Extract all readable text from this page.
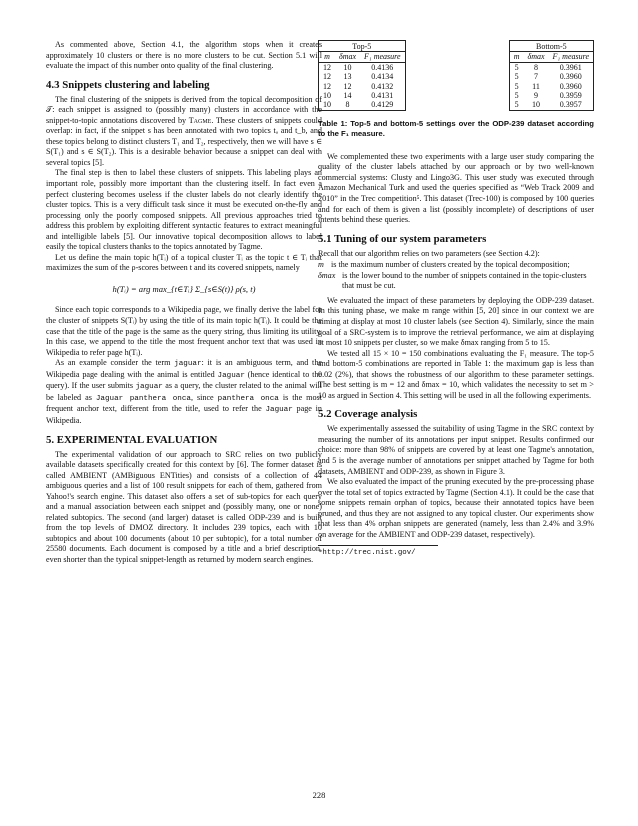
As commented above, Section 4.1, the algorithm stops when it creates approximately 10 clusters or there is no more clusters to be cut. Section 5.1 will evaluate the impact of this number onto quality of the final clustering.

4.3 Snippets clustering and labeling

The final clustering of the snippets is derived from the topical decomposition of 𝒯: each snippet is assigned to (possibly many) clusters in accordance with the snippet-to-topic annotations discovered by Tagme. These clusters of snippets could overlap: in fact, if the snippet s has been annotated with two topics tₐ and t_b, and these topics belong to distinct clusters T₁ and T₂, respectively, then we will have s ∈ S(T₁) and s ∈ S(T₂). This is a desirable behavior because a snippet can deal with several topics [5].

The final step is then to label these clusters of snippets. This labeling plays an important role, possibly more important than the clustering itself. In fact even a perfect clustering becomes useless if the cluster labels do not clearly identify the cluster topics. This is a very difficult task since it must be executed on-the-fly and processing only the poorly composed snippets. All previous approaches tried to address this problem by exploiting different syntactic features to extract meaningful and intelligible labels [5]. Our innovative topical decomposition allows to label easily the topical clusters thanks to the topics annotated by Tagme.

Let us define the main topic h(Tᵢ) of a topical cluster Tᵢ as the topic t ∈ Tᵢ that maximizes the sum of the ρ-scores between t and its covered snippets, namely

h(Tᵢ) = arg max_{t∈Tᵢ} Σ_{s∈S(t)} ρ(s, t)

Since each topic corresponds to a Wikipedia page, we finally derive the label for the cluster of snippets S(Tᵢ) by using the title of its main topic h(Tᵢ). It could be the case that the title of the page is the same as the query string, thus limiting its utility. In this case, we append to the title the most frequent anchor text that was used in Wikipedia to refer page h(Tᵢ).

As an example consider the term jaguar: it is an ambiguous term, and the Wikipedia page dealing with the animal is entitled Jaguar (hence identical to the query). If the user submits jaguar as a query, the cluster related to the animal will be labeled as Jaguar panthera onca, since panthera onca is the most frequent anchor text, different from the title, used to refer the Jaguar page in Wikipedia.

5. EXPERIMENTAL EVALUATION

The experimental validation of our approach to SRC relies on two publicly available datasets specifically created for this context by [6]. The former dataset is called AMBIENT (AMBiguous ENTities) and consists of a collection of 44 ambiguous queries and a list of 100 result snippets for each of them, gathered from Yahoo!'s search engine. This dataset also offers a set of sub-topics for each query and a manual association between each snippet and (possibly many, one or none) related subtopics. The second (and larger) dataset is called ODP-239 and is built from the top levels of DMOZ directory. It includes 239 topics, each with 10 subtopics and about 100 documents (about 10 per subtopic), for a total number of 25580 documents. Each document is composed by a title and a brief description, even shorter than the typical snippet-length as returned by modern search engines.

Top-5		
m	δmax	F₁ measure
12	10	0.4136
12	13	0.4134
12	12	0.4132
10	14	0.4131
10	8	0.4129
Bottom-5		
m	δmax	F₁ measure
5	8	0.3961
5	7	0.3960
5	11	0.3960
5	9	0.3959
5	10	0.3957
Table 1: Top-5 and bottom-5 settings over the ODP-239 dataset according to the F₁ measure.

We complemented these two experiments with a large user study comparing the quality of the cluster labels attached by our approach or by two well-known commercial systems: Clusty and Lingo3G. This user study was executed through Amazon Mechanical Turk and used the queries specified as “Web Track 2009 and 2010” in the Trec competition⁵. This dataset (Trec-100) is composed by 100 queries and for each of them is given a list (possibly incomplete) of descriptions of user intents behind these queries.

5.1 Tuning of our system parameters

Recall that our algorithm relies on two parameters (see Section 4.2):

m is the maximum number of clusters created by the topical decomposition;
δmax is the lower bound to the number of snippets contained in the topic-clusters that must be cut.

We evaluated the impact of these parameters by deploying the ODP-239 dataset. In this tuning phase, we make m range within [5, 20] since in our context we are aiming at display at most 10 cluster labels (see Section 4). Similarly, since the main goal of a SRC-system is to improve the retrieval performance, we aim at displaying at most 10 snippets per cluster, so we make δmax ranging from 5 to 15.

We tested all 15 × 10 = 150 combinations evaluating the F₁ measure. The top-5 and bottom-5 combinations are reported in Table 1: the maximum gap is less than 0.02 (2%), that shows the robustness of our algorithm to these parameter settings. The best setting is m = 12 and δmax = 10, which validates the necessity to set m > 10 as argued in Section 4. This setting will be used in all the following experiments.

5.2 Coverage analysis

We experimentally assessed the suitability of using Tagme in the SRC context by measuring the number of its annotations per input snippet. Results confirmed our choice: more than 98% of snippets are covered by at least one Tagme's annotation, and 5 is the average number of annotations per snippet attached by Tagme for both datasets, AMBIENT and ODP-239, as shown in Figure 3.

We also evaluated the impact of the pruning executed by the pre-processing phase over the total set of topics extracted by Tagme (Section 4.1). It could be the case that some snippets remain orphan of topics, because their annotated topics have been pruned, and thus they are not assigned to any topical cluster. Our experiments show that less than 4% orphan snippets are generated (namely, less than 2.4% and 3.9% on average for the AMBIENT and ODP-239 dataset, respectively).

⁵http://trec.nist.gov/
228
